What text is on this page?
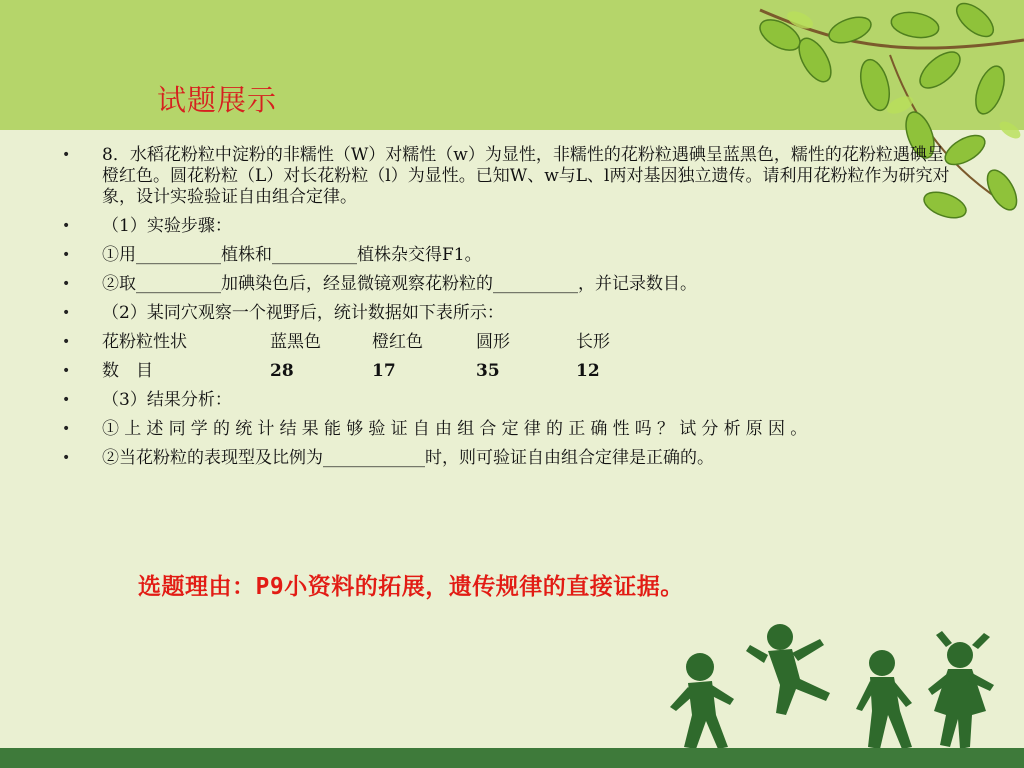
试题展示
• 8．水稻花粉粒中淀粉的非糯性（W）对糯性（w）为显性，非糯性的花粉粒遇碘呈蓝黑色，糯性的花粉粒遇碘呈橙红色。圆花粉粒（L）对长花粉粒（l）为显性。已知W、w与L、l两对基因独立遗传。请利用花粉粒作为研究对象，设计实验验证自由组合定律。
• （1）实验步骤：
• ①用__________植株和__________植株杂交得F1。
• ②取__________加碘染色后，经显微镜观察花粉粒的__________，并记录数目。
• （2）某同穴观察一个视野后，统计数据如下表所示：
• 花粉粒性状	蓝黑色	橙红色	圆形	长形
• 数　目	28	17	35	12
• （3）结果分析：
• ①上述同学的统计结果能够验证自由组合定律的正确性吗？试分析原因。
• ②当花粉粒的表现型及比例为____________时，则可验证自由组合定律是正确的。
选题理由：P9小资料的拓展，遗传规律的直接证据。
